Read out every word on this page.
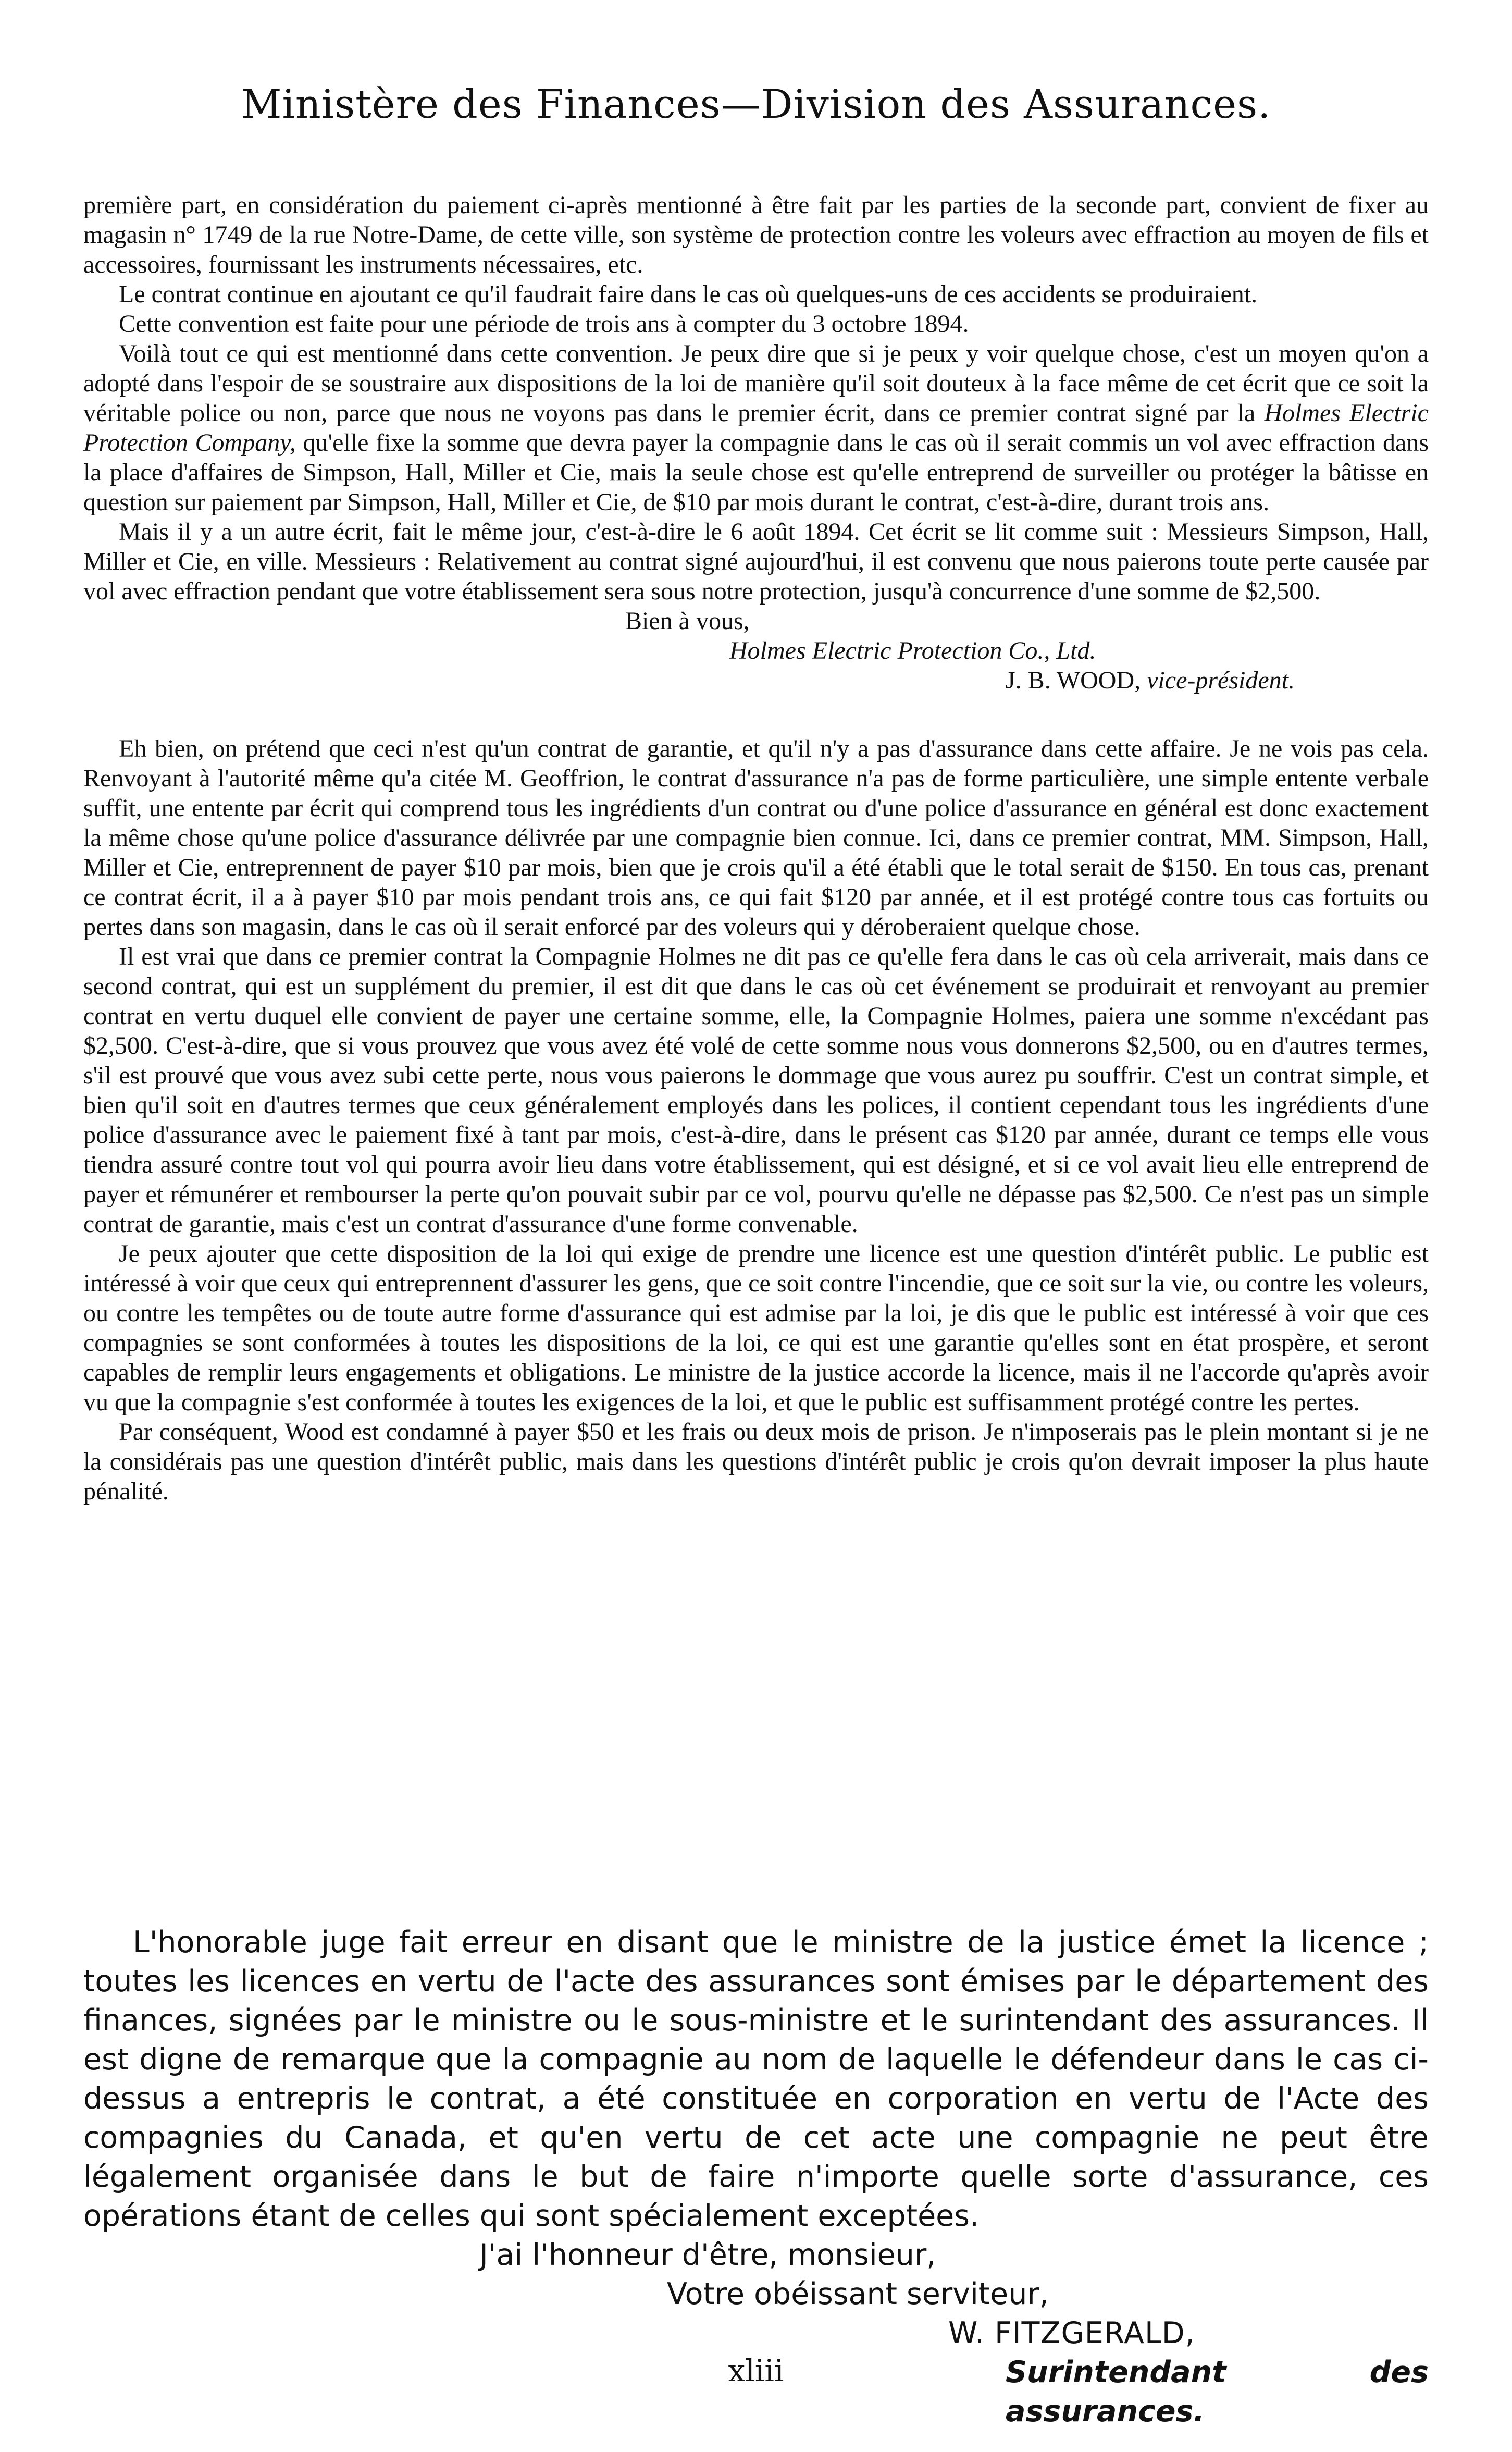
Ministère des Finances—Division des Assurances.

première part, en considération du paiement ci-après mentionné à être fait par les parties de la seconde part, convient de fixer au magasin n° 1749 de la rue Notre-Dame, de cette ville, son système de protection contre les voleurs avec effraction au moyen de fils et accessoires, fournissant les instruments nécessaires, etc.

Le contrat continue en ajoutant ce qu'il faudrait faire dans le cas où quelques-uns de ces accidents se produiraient.

Cette convention est faite pour une période de trois ans à compter du 3 octobre 1894.

Voilà tout ce qui est mentionné dans cette convention. Je peux dire que si je peux y voir quelque chose, c'est un moyen qu'on a adopté dans l'espoir de se soustraire aux dispositions de la loi de manière qu'il soit douteux à la face même de cet écrit que ce soit la véritable police ou non, parce que nous ne voyons pas dans le premier écrit, dans ce premier contrat signé par la Holmes Electric Protection Company, qu'elle fixe la somme que devra payer la compagnie dans le cas où il serait commis un vol avec effraction dans la place d'affaires de Simpson, Hall, Miller et Cie, mais la seule chose est qu'elle entreprend de surveiller ou protéger la bâtisse en question sur paiement par Simpson, Hall, Miller et Cie, de $10 par mois durant le contrat, c'est-à-dire, durant trois ans.

Mais il y a un autre écrit, fait le même jour, c'est-à-dire le 6 août 1894. Cet écrit se lit comme suit : Messieurs Simpson, Hall, Miller et Cie, en ville. Messieurs : Relativement au contrat signé aujourd'hui, il est convenu que nous paierons toute perte causée par vol avec effraction pendant que votre établissement sera sous notre protection, jusqu'à concurrence d'une somme de $2,500.

Bien à vous,
Holmes Electric Protection Co., Ltd.
J. B. WOOD, vice-président.

Eh bien, on prétend que ceci n'est qu'un contrat de garantie, et qu'il n'y a pas d'assurance dans cette affaire. Je ne vois pas cela. Renvoyant à l'autorité même qu'a citée M. Geoffrion, le contrat d'assurance n'a pas de forme particulière, une simple entente verbale suffit, une entente par écrit qui comprend tous les ingrédients d'un contrat ou d'une police d'assurance en général est donc exactement la même chose qu'une police d'assurance délivrée par une compagnie bien connue. Ici, dans ce premier contrat, MM. Simpson, Hall, Miller et Cie, entreprennent de payer $10 par mois, bien que je crois qu'il a été établi que le total serait de $150. En tous cas, prenant ce contrat écrit, il a à payer $10 par mois pendant trois ans, ce qui fait $120 par année, et il est protégé contre tous cas fortuits ou pertes dans son magasin, dans le cas où il serait enforcé par des voleurs qui y déroberaient quelque chose.

Il est vrai que dans ce premier contrat la Compagnie Holmes ne dit pas ce qu'elle fera dans le cas où cela arriverait, mais dans ce second contrat, qui est un supplément du premier, il est dit que dans le cas où cet événement se produirait et renvoyant au premier contrat en vertu duquel elle convient de payer une certaine somme, elle, la Compagnie Holmes, paiera une somme n'excédant pas $2,500. C'est-à-dire, que si vous prouvez que vous avez été volé de cette somme nous vous donnerons $2,500, ou en d'autres termes, s'il est prouvé que vous avez subi cette perte, nous vous paierons le dommage que vous aurez pu souffrir. C'est un contrat simple, et bien qu'il soit en d'autres termes que ceux généralement employés dans les polices, il contient cependant tous les ingrédients d'une police d'assurance avec le paiement fixé à tant par mois, c'est-à-dire, dans le présent cas $120 par année, durant ce temps elle vous tiendra assuré contre tout vol qui pourra avoir lieu dans votre établissement, qui est désigné, et si ce vol avait lieu elle entreprend de payer et rémunérer et rembourser la perte qu'on pouvait subir par ce vol, pourvu qu'elle ne dépasse pas $2,500. Ce n'est pas un simple contrat de garantie, mais c'est un contrat d'assurance d'une forme convenable.

Je peux ajouter que cette disposition de la loi qui exige de prendre une licence est une question d'intérêt public. Le public est intéressé à voir que ceux qui entreprennent d'assurer les gens, que ce soit contre l'incendie, que ce soit sur la vie, ou contre les voleurs, ou contre les tempêtes ou de toute autre forme d'assurance qui est admise par la loi, je dis que le public est intéressé à voir que ces compagnies se sont conformées à toutes les dispositions de la loi, ce qui est une garantie qu'elles sont en état prospère, et seront capables de remplir leurs engagements et obligations. Le ministre de la justice accorde la licence, mais il ne l'accorde qu'après avoir vu que la compagnie s'est conformée à toutes les exigences de la loi, et que le public est suffisamment protégé contre les pertes.

Par conséquent, Wood est condamné à payer $50 et les frais ou deux mois de prison. Je n'imposerais pas le plein montant si je ne la considérais pas une question d'intérêt public, mais dans les questions d'intérêt public je crois qu'on devrait imposer la plus haute pénalité.

L'honorable juge fait erreur en disant que le ministre de la justice émet la licence ; toutes les licences en vertu de l'acte des assurances sont émises par le département des finances, signées par le ministre ou le sous-ministre et le surintendant des assurances. Il est digne de remarque que la compagnie au nom de laquelle le défendeur dans le cas ci-dessus a entrepris le contrat, a été constituée en corporation en vertu de l'Acte des compagnies du Canada, et qu'en vertu de cet acte une compagnie ne peut être légalement organisée dans le but de faire n'importe quelle sorte d'assurance, ces opérations étant de celles qui sont spécialement exceptées.

J'ai l'honneur d'être, monsieur,
Votre obéissant serviteur,
W. FITZGERALD,
Surintendant des assurances.
xliii
